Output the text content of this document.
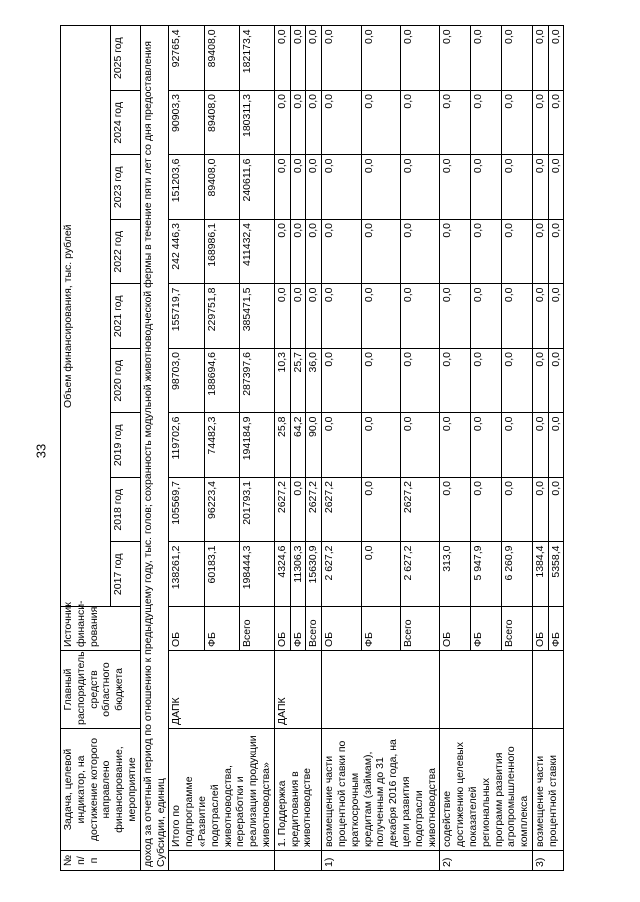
33
№ п/п	Задача, целевой индикатор, на достижение которого направлено финансирование, мероприятие	Главный распорядитель средств областного бюджета	Источник финанси-рования	Объем финансирования, тыс. рублей								
				2017 год	2018 год	2019 год	2020 год	2021 год	2022 год	2023 год	2024 год	2025 год
доход за отчетный период по отношению к предыдущему году, тыс. голов; сохранность модульной животноводческой фермы в течение пяти лет со дня предоставления Субсидии, единиц												
	Итого по подпрограмме «Развитие подотраслей животноводства, переработки и реализации продукции животноводства»	ДАПК	ОБ	138261,2	105569,7	119702,6	98703,0	155719,7	242 446,3	151203,6	90903,3	92765,4
			ФБ	60183,1	96223,4	74482,3	188694,6	229751,8	168986,1	89408,0	89408,0	89408,0
			Всего	198444,3	201793,1	194184,9	287397,6	385471,5	411432,4	240611,6	180311,3	182173,4
	1. Поддержка кредитования в животноводстве	ДАПК	ОБ	4324,6	2627,2	25,8	10,3	0,0	0,0	0,0	0,0	0,0
			ФБ	11306,3	0,0	64,2	25,7	0,0	0,0	0,0	0,0	0,0
			Всего	15630,9	2627,2	90,0	36,0	0,0	0,0	0,0	0,0	0,0
1)	возмещение части процентной ставки по краткосрочным кредитам (займам), полученным до 31 декабря 2016 года, на цели развития подотрасли животноводства		ОБ	2 627,2	2627,2	0,0	0,0	0,0	0,0	0,0	0,0	0,0
			ФБ	0,0	0,0	0,0	0,0	0,0	0,0	0,0	0,0	0,0
			Всего	2 627,2	2627,2	0,0	0,0	0,0	0,0	0,0	0,0	0,0
2)	содействие достижению целевых показателей региональных программ развития агропромышленного комплекса		ОБ	313,0	0,0	0,0	0,0	0,0	0,0	0,0	0,0	0,0
			ФБ	5 947,9	0,0	0,0	0,0	0,0	0,0	0,0	0,0	0,0
			Всего	6 260,9	0,0	0,0	0,0	0,0	0,0	0,0	0,0	0,0
3)	возмещение части процентной ставки		ОБ	1384,4	0,0	0,0	0,0	0,0	0,0	0,0	0,0	0,0
			ФБ	5358,4	0,0	0,0	0,0	0,0	0,0	0,0	0,0	0,0
